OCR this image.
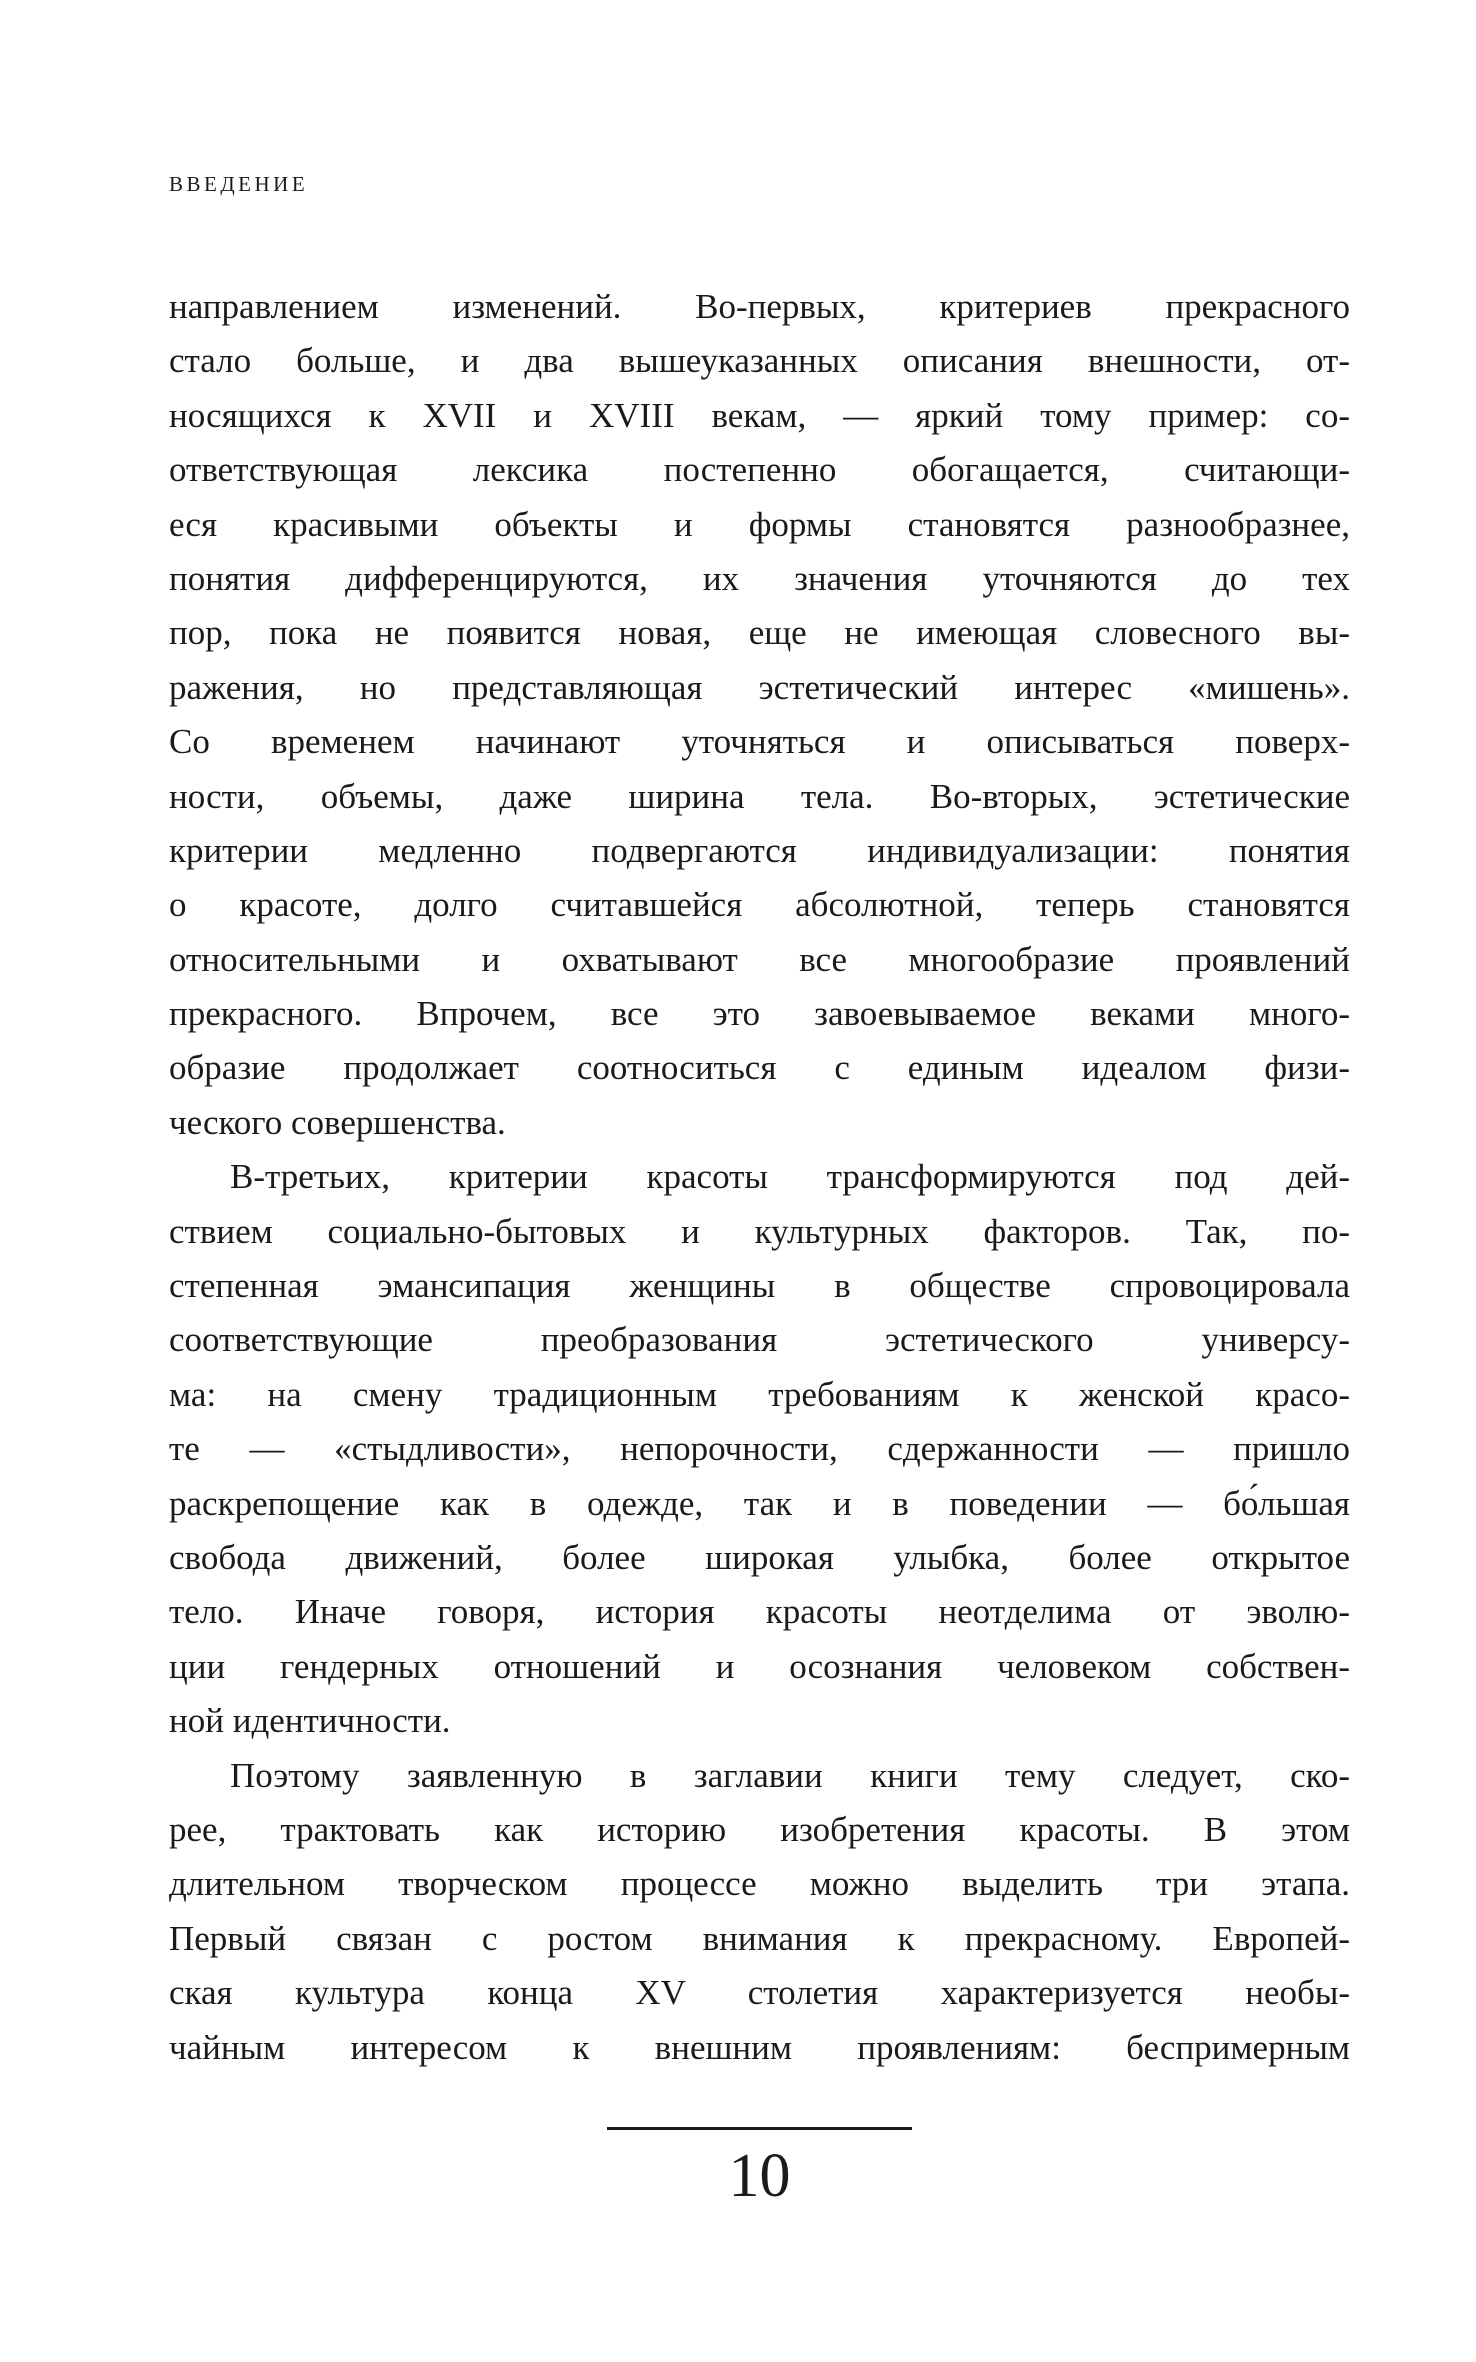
ВВЕДЕНИЕ
направлением изменений. Во-первых, критериев прекрасного
стало больше, и два вышеуказанных описания внешности, от-
носящихся к XVII и XVIII векам, — яркий тому пример: со-
ответствующая лексика постепенно обогащается, считающи-
еся красивыми объекты и формы становятся разнообразнее,
понятия дифференцируются, их значения уточняются до тех
пор, пока не появится новая, еще не имеющая словесного вы-
ражения, но представляющая эстетический интерес «мишень».
Со временем начинают уточняться и описываться поверх-
ности, объемы, даже ширина тела. Во-вторых, эстетические
критерии медленно подвергаются индивидуализации: понятия
о красоте, долго считавшейся абсолютной, теперь становятся
относительными и охватывают все многообразие проявлений
прекрасного. Впрочем, все это завоевываемое веками много-
образие продолжает соотноситься с единым идеалом физи-
ческого совершенства.
В-третьих, критерии красоты трансформируются под дей-
ствием социально-бытовых и культурных факторов. Так, по-
степенная эмансипация женщины в обществе спровоцировала
соответствующие преобразования эстетического универсу-
ма: на смену традиционным требованиям к женской красо-
те — «стыдливости», непорочности, сдержанности — пришло
раскрепощение как в одежде, так и в поведении — бо́льшая
свобода движений, более широкая улыбка, более открытое
тело. Иначе говоря, история красоты неотделима от эволю-
ции гендерных отношений и осознания человеком собствен-
ной идентичности.
Поэтому заявленную в заглавии книги тему следует, ско-
рее, трактовать как историю изобретения красоты. В этом
длительном творческом процессе можно выделить три этапа.
Первый связан с ростом внимания к прекрасному. Европей-
ская культура конца XV столетия характеризуется необы-
чайным интересом к внешним проявлениям: беспримерным
10
